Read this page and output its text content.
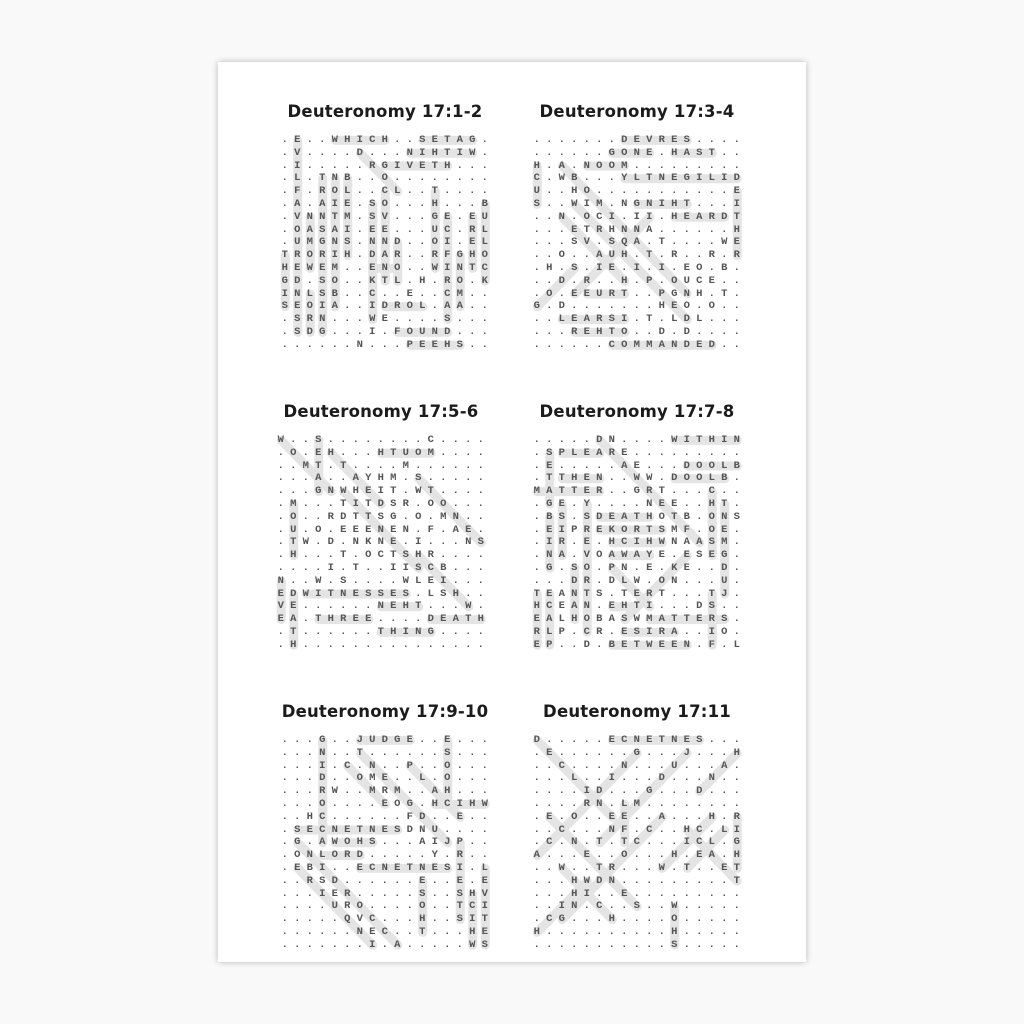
Deuteronomy 17:1-2
. E . . W H I C H . . S E T A G .
. V . . . . D . . . N I H T I W .
. I . . . . . R G I V E T H . . .
. L . T N B . . O . . . . . . . .
. F . R O L . . C L . . T . . . .
. A . A I E . S O . . . H . . . B
. V N N T M . S V . . . G E . E U
. O A S A I . E E . . . U C . R L
. U M G N S . N N D . . O I . E L
T R O R I H . D A R . . R F G H O
H E W E M . . E N O . . W I N T C
G D . S O . . K T L . H . R O . K
I N L S B . . C . . E . . C M . .
S E O I A . . I D R O L . A A . .
. S R N . . . W E . . . . S . . .
. S D G . . . I . F O U N D . . .
. . . . . . N . . . P E E H S . .
Deuteronomy 17:3-4
. . . . . . . D E V R E S . . . .
. . . . . . G O N E . H A S T . .
H . A . N O O M . . . . . . . . .
C . W B . . . Y L T N E G I L I D
U . . H O . . . . . . . . . . . E
S . . W I M . N G N I H T . . . I
. . N . O C I . I I . H E A R D T
. . . E T R H N N A . . . . . . H
. . . S V . S Q A . T . . . . W E
. . O . . A U H . T . R . . R . R
. H . S . I E . I . I . E O . B .
. . D . R . . H . P . O U C E . .
. O . E E U R T . . P G N H . T .
G . D . . . . . . . H E O . O . .
. . L E A R S I . T . L D L . . .
. . . R E H T O . . D . D . . . .
. . . . . . C O M M A N D E D . .
Deuteronomy 17:5-6
W . . S . . . . . . . . C . . . .
. O . E H . . . H T U O M . . . .
. . M T . T . . . . M . . . . . .
. . . A . . A Y H M . S . . . . .
. . . G N W H E I T . W T . . . .
. M . . . T I T D S R . O O . . .
. O . . R D T T S G . O . M N . .
. U . O . E E E N E N . F . A E .
. T W . D . N K N E . I . . . N S
. H . . . T . O C T S H R . . . .
. . . . I . T . . I I S C B . . .
N . . W . S . . . . W L E I . . .
E D W I T N E S S E S . L S H . .
V E . . . . . . N E H T . . . W .
E A . T H R E E . . . . D E A T H
. T . . . . . . T H I N G . . . .
. H . . . . . . . . . . . . . . .
Deuteronomy 17:7-8
. . . . . D N . . . . W I T H I N
. S P L E A R E . . . . . . . . .
. E . . . . . A E . . . D O O L B
. T T H E N . . W W . D O O L B .
M A T T E R . . G R T . . . C . .
. G E . Y . . . . N E E . . H T .
. B S . S D E A T H O T B . O N S
. E I P R E K O R T S M F . O E .
. I R . E . H C I H W N A A S M .
. N A . V O A W A Y E . E S E G .
. G . S O . P N . E . K E . . D .
. . . D R . D L W . O N . . . U .
T E A N T S . T E R T . . . T J .
H C E A N . E H T I . . . D S . .
E A L H O B A S W M A T T E R S .
R L P . C R . E S I R A . . I O .
E P . . D . B E T W E E N . F . L
Deuteronomy 17:9-10
. . . G . . J U D G E . . E . . .
. . . N . . T . . . . . . S . . .
. . . I . C . N . . P . . O . . .
. . . D . . O M E . . L . O . . .
. . . R W . . M R M . . A H . . .
. . . O . . . . E O G . H C I H W
. . H C . . . . . . F D . . E . .
. S E C N E T N E S D N U . . . .
. G . A W O H S . . . A I J P . .
. O N L O R D . . . . . Y . R . .
. E B I . . E C N E T N E S I . L
. . R S D . . . . . . E . . E . E
. . . I E R . . . . . S . . S H V
. . . . U R O . . . . O . . T C I
. . . . . Q V C . . . H . . S I T
. . . . . . N E C . . T . . . H E
. . . . . . . I . A . . . . . W S
Deuteronomy 17:11
D . . . . . E C N E T N E S . . .
. E . . . . . . G . . . J . . . H
. . C . . . . N . . . U . . . A .
. . . L . . I . . . D . . . N . .
. . . . I D . . . G . . . D . . .
. . . . R N . L M . . . . . . . .
. E . O . . E E . . A . . . H . R
. . C . . . N F . C . . H C . L I
. C . N . T . T C . . . I C L . G
A . . . E . . O . . . H . E A . H
. . W . . T R . . . W . T . . E T
. . . H W D N . . . . . . . . . T
. . . H I . . E . . . . . . . . .
. . I N . C . . S . . W . . . . .
. C G . . . H . . . . O . . . . .
H . . . . . . . . . . H . . . . .
. . . . . . . . . . . S . . . . .
